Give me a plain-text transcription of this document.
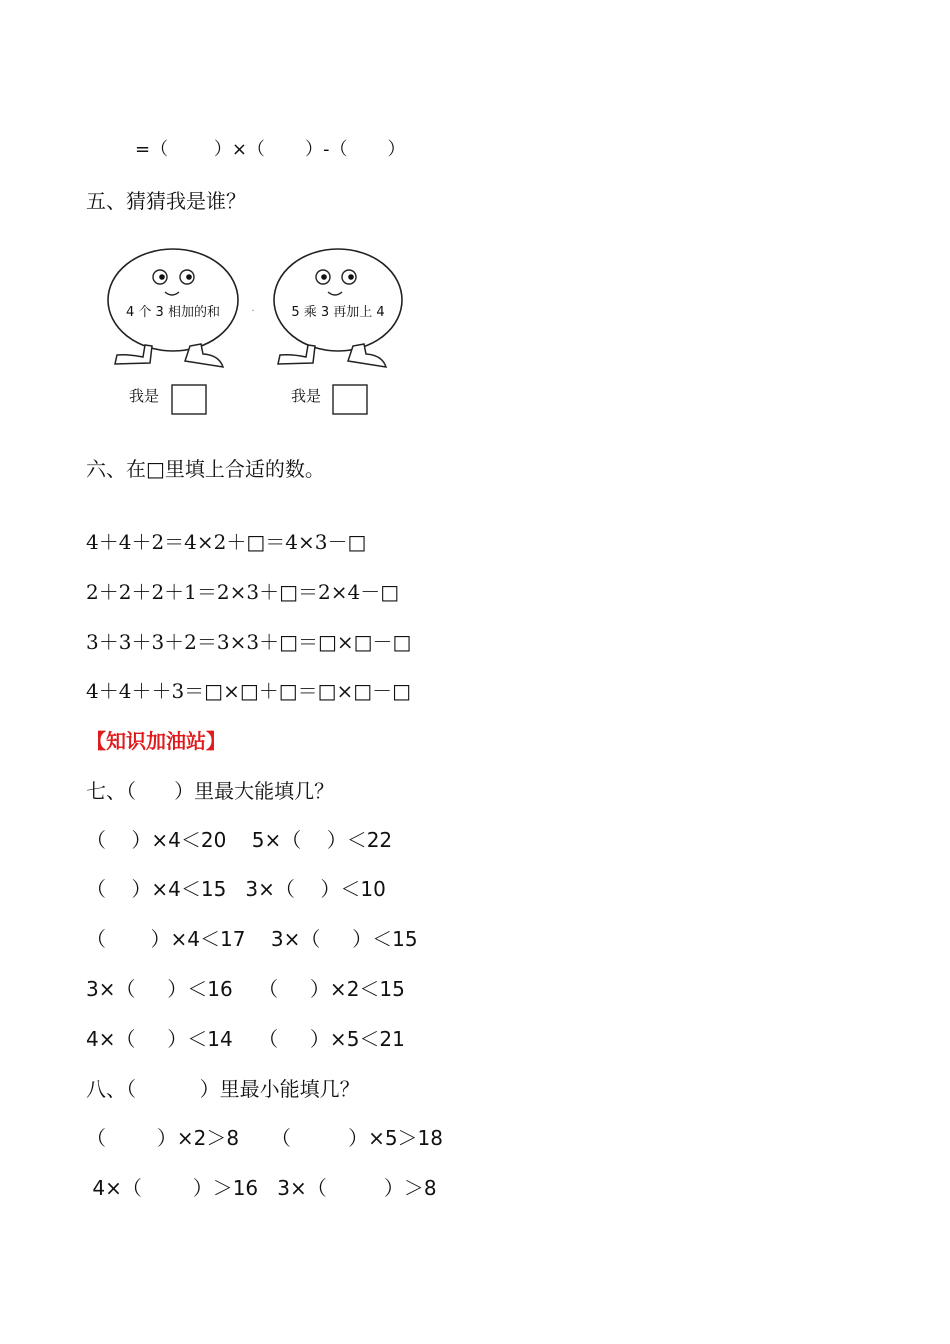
=（        ）×（       ）-（       ）
五、猜猜我是谁？
4 个 3 相加的和	·	5 乘 3 再加上 4
我是	我是
六、在□里填上合适的数。
4＋4＋2＝4×2＋□＝4×3－□
2＋2＋2＋1＝2×3＋□＝2×4－□
3＋3＋3＋2＝3×3＋□＝□×□－□
4＋4＋＋3＝□×□＋□＝□×□－□
【知识加油站】
七、（      ）里最大能填几？
（    ）×4＜20    5×（    ）＜22
（    ）×4＜15   3×（    ）＜10
（       ）×4＜17    3×（     ）＜15
3×（     ）＜16    （     ）×2＜15
4×（     ）＜14    （     ）×5＜21
八、（          ）里最小能填几？
（        ）×2＞8     （         ）×5＞18
4×（        ）＞16   3×（         ）＞8
